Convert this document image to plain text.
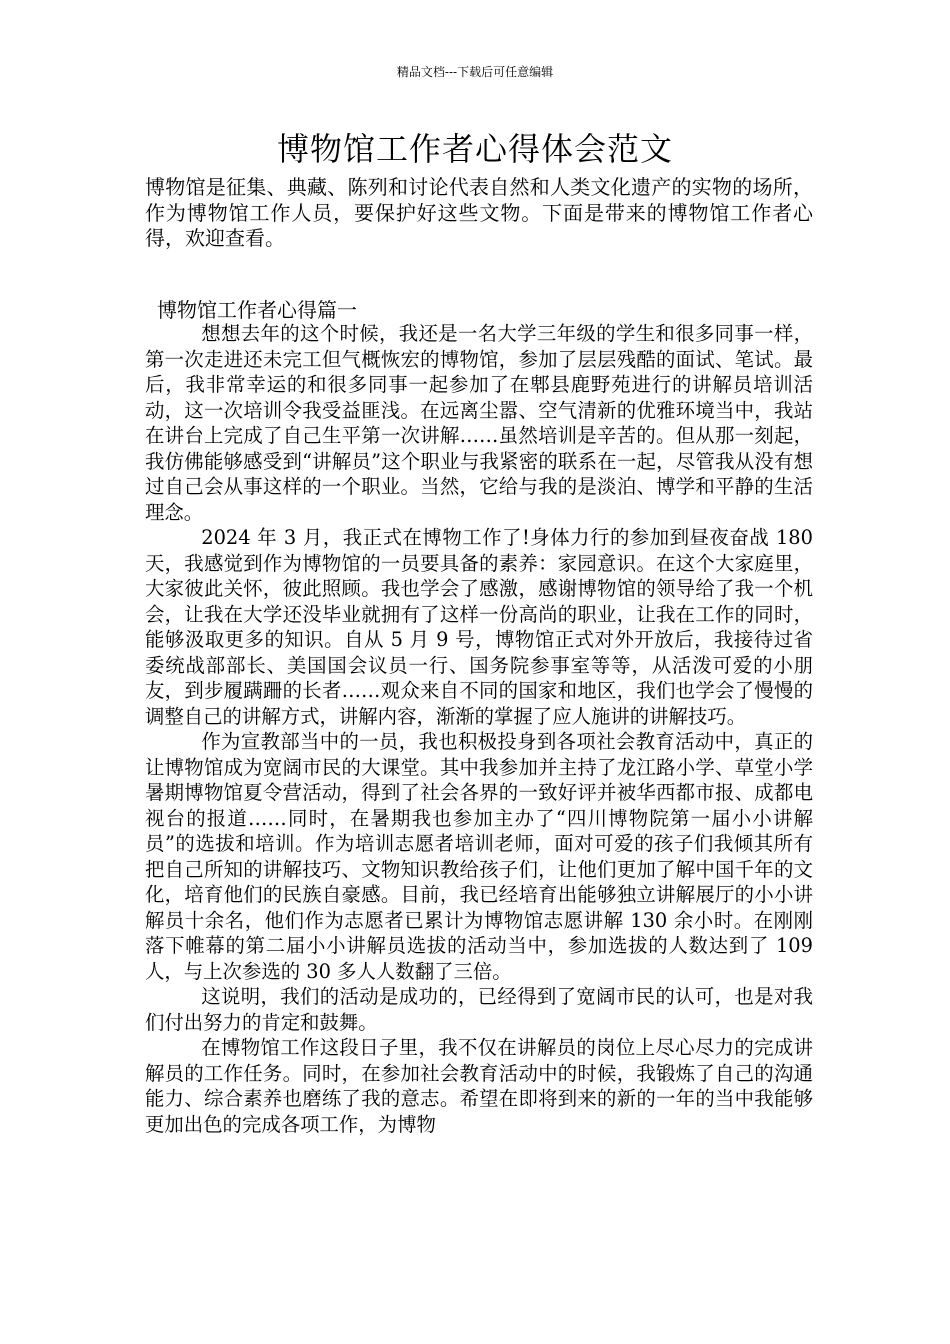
精品文档---下载后可任意编辑
博物馆工作者心得体会范文

博物馆是征集、典藏、陈列和讨论代表自然和人类文化遗产的实物的场所，作为博物馆工作人员，要保护好这些文物。下面是带来的博物馆工作者心得，欢迎查看。

博物馆工作者心得篇一

想想去年的这个时候，我还是一名大学三年级的学生和很多同事一样，第一次走进还未完工但气概恢宏的博物馆，参加了层层残酷的面试、笔试。最后，我非常幸运的和很多同事一起参加了在郫县鹿野苑进行的讲解员培训活动，这一次培训令我受益匪浅。在远离尘嚣、空气清新的优雅环境当中，我站在讲台上完成了自己生平第一次讲解……虽然培训是辛苦的。但从那一刻起，我仿佛能够感受到“讲解员”这个职业与我紧密的联系在一起，尽管我从没有想过自己会从事这样的一个职业。当然，它给与我的是淡泊、博学和平静的生活理念。

2024 年 3 月，我正式在博物工作了!身体力行的参加到昼夜奋战 180 天，我感觉到作为博物馆的一员要具备的素养：家园意识。在这个大家庭里，大家彼此关怀，彼此照顾。我也学会了感激，感谢博物馆的领导给了我一个机会，让我在大学还没毕业就拥有了这样一份高尚的职业，让我在工作的同时，能够汲取更多的知识。自从 5 月 9 号，博物馆正式对外开放后，我接待过省委统战部部长、美国国会议员一行、国务院参事室等等，从活泼可爱的小朋友，到步履蹒跚的长者……观众来自不同的国家和地区，我们也学会了慢慢的调整自己的讲解方式，讲解内容，渐渐的掌握了应人施讲的讲解技巧。

作为宣教部当中的一员，我也积极投身到各项社会教育活动中，真正的让博物馆成为宽阔市民的大课堂。其中我参加并主持了龙江路小学、草堂小学暑期博物馆夏令营活动，得到了社会各界的一致好评并被华西都市报、成都电视台的报道……同时，在暑期我也参加主办了“四川博物院第一届小小讲解员”的选拔和培训。作为培训志愿者培训老师，面对可爱的孩子们我倾其所有把自己所知的讲解技巧、文物知识教给孩子们，让他们更加了解中国千年的文化，培育他们的民族自豪感。目前，我已经培育出能够独立讲解展厅的小小讲解员十余名，他们作为志愿者已累计为博物馆志愿讲解 130 余小时。在刚刚落下帷幕的第二届小小讲解员选拔的活动当中，参加选拔的人数达到了 109 人，与上次参选的 30 多人人数翻了三倍。

这说明，我们的活动是成功的，已经得到了宽阔市民的认可，也是对我们付出努力的肯定和鼓舞。

在博物馆工作这段日子里，我不仅在讲解员的岗位上尽心尽力的完成讲解员的工作任务。同时，在参加社会教育活动中的时候，我锻炼了自己的沟通能力、综合素养也磨练了我的意志。希望在即将到来的新的一年的当中我能够更加出色的完成各项工作，为博物
